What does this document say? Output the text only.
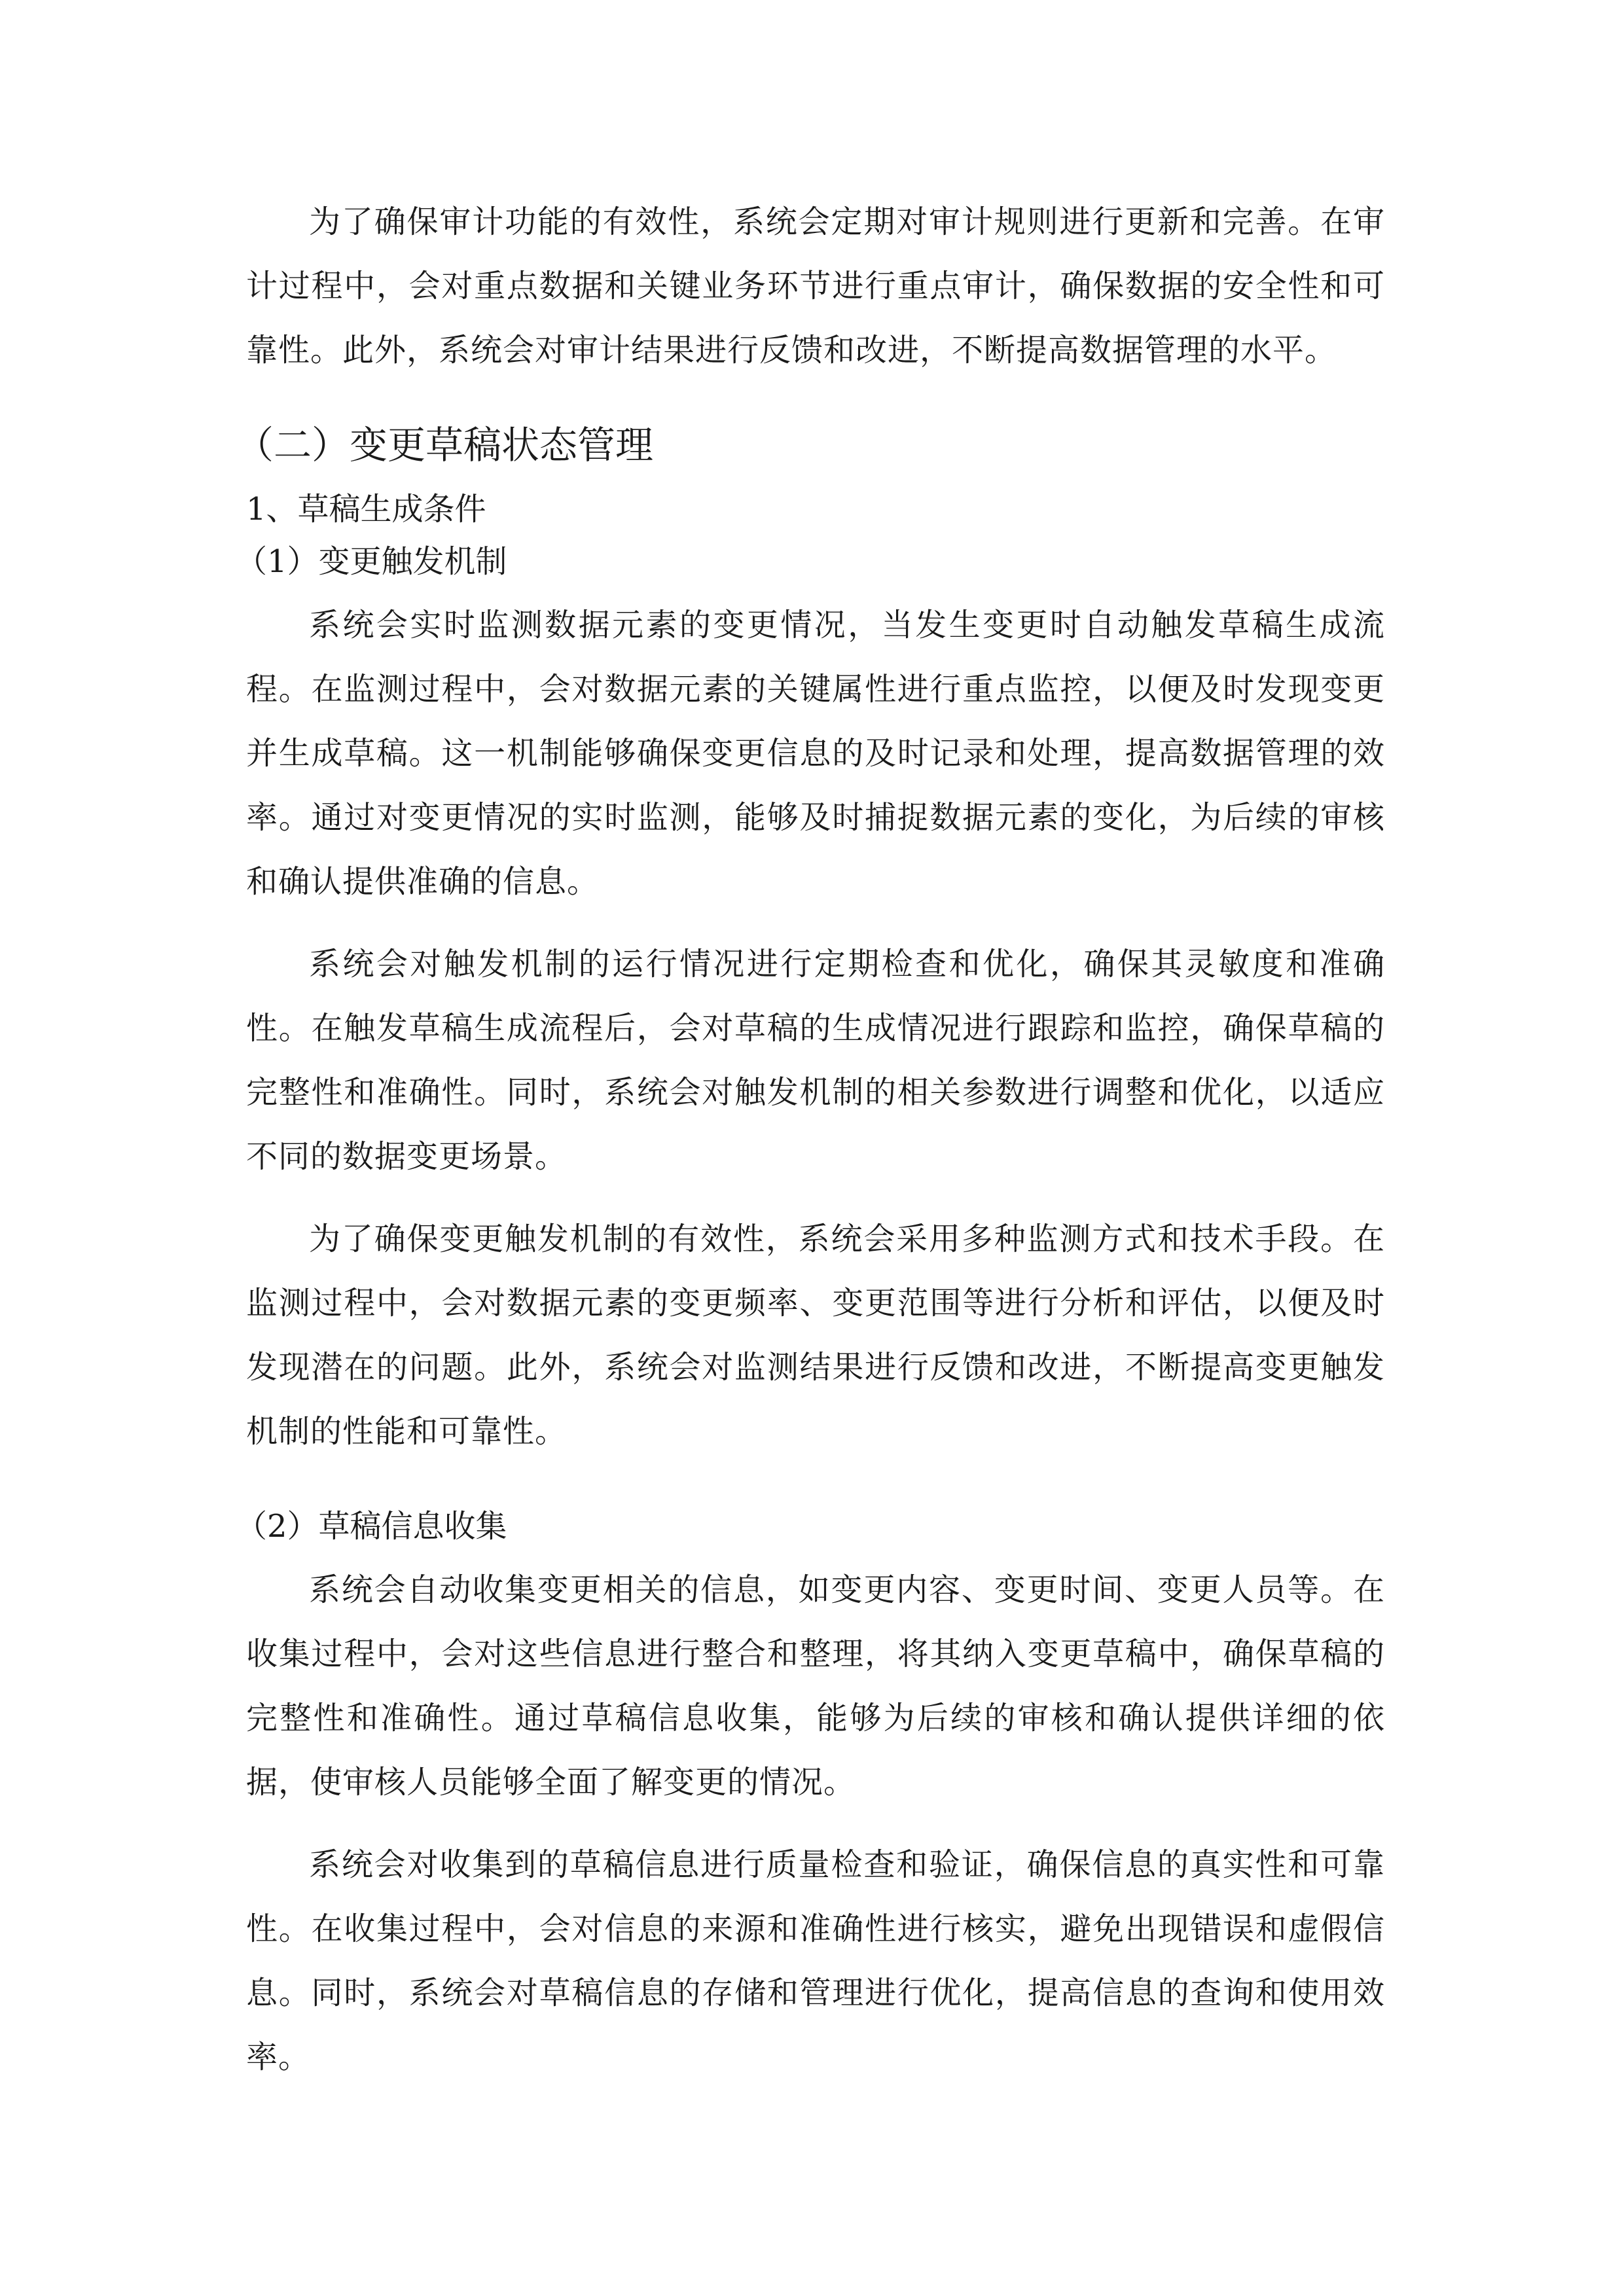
为了确保审计功能的有效性，系统会定期对审计规则进行更新和完善。在审计过程中，会对重点数据和关键业务环节进行重点审计，确保数据的安全性和可靠性。此外，系统会对审计结果进行反馈和改进，不断提高数据管理的水平。

（二）变更草稿状态管理
1、草稿生成条件
（1）变更触发机制

系统会实时监测数据元素的变更情况，当发生变更时自动触发草稿生成流程。在监测过程中，会对数据元素的关键属性进行重点监控，以便及时发现变更并生成草稿。这一机制能够确保变更信息的及时记录和处理，提高数据管理的效率。通过对变更情况的实时监测，能够及时捕捉数据元素的变化，为后续的审核和确认提供准确的信息。

系统会对触发机制的运行情况进行定期检查和优化，确保其灵敏度和准确性。在触发草稿生成流程后，会对草稿的生成情况进行跟踪和监控，确保草稿的完整性和准确性。同时，系统会对触发机制的相关参数进行调整和优化，以适应不同的数据变更场景。

为了确保变更触发机制的有效性，系统会采用多种监测方式和技术手段。在监测过程中，会对数据元素的变更频率、变更范围等进行分析和评估，以便及时发现潜在的问题。此外，系统会对监测结果进行反馈和改进，不断提高变更触发机制的性能和可靠性。

（2）草稿信息收集

系统会自动收集变更相关的信息，如变更内容、变更时间、变更人员等。在收集过程中，会对这些信息进行整合和整理，将其纳入变更草稿中，确保草稿的完整性和准确性。通过草稿信息收集，能够为后续的审核和确认提供详细的依据，使审核人员能够全面了解变更的情况。

系统会对收集到的草稿信息进行质量检查和验证，确保信息的真实性和可靠性。在收集过程中，会对信息的来源和准确性进行核实，避免出现错误和虚假信息。同时，系统会对草稿信息的存储和管理进行优化，提高信息的查询和使用效率。
